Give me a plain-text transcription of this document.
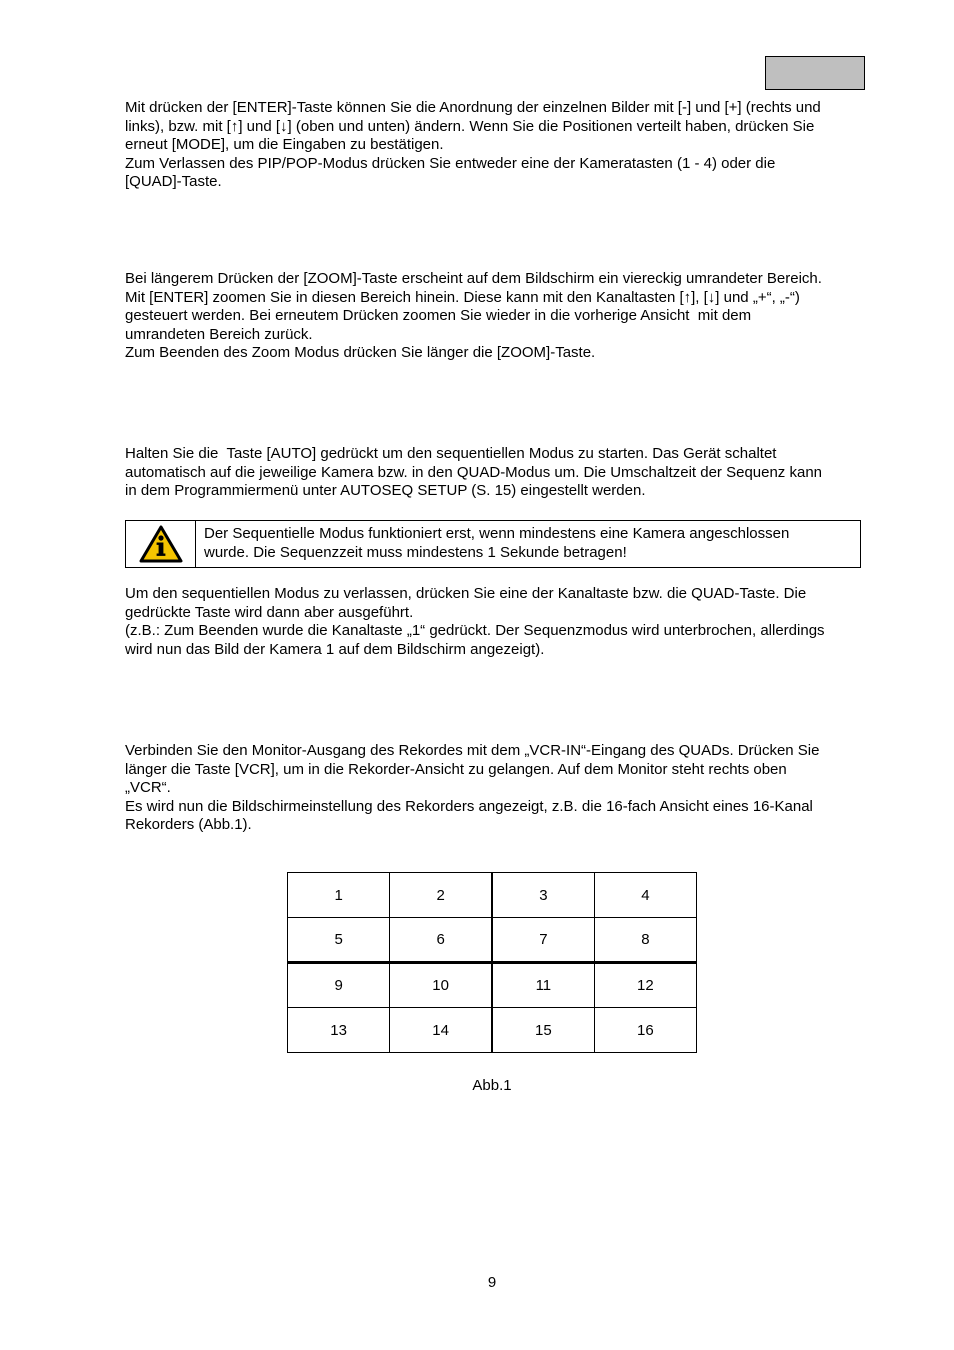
Mit drücken der [ENTER]-Taste können Sie die Anordnung der einzelnen Bilder mit [-] und [+] (rechts und
links), bzw. mit [↑] und [↓] (oben und unten) ändern. Wenn Sie die Positionen verteilt haben, drücken Sie
erneut [MODE], um die Eingaben zu bestätigen.
Zum Verlassen des PIP/POP-Modus drücken Sie entweder eine der Kameratasten (1 - 4) oder die
[QUAD]-Taste.

Bei längerem Drücken der [ZOOM]-Taste erscheint auf dem Bildschirm ein viereckig umrandeter Bereich.
Mit [ENTER] zoomen Sie in diesen Bereich hinein. Diese kann mit den Kanaltasten [↑], [↓] und „+“, „-“)
gesteuert werden. Bei erneutem Drücken zoomen Sie wieder in die vorherige Ansicht  mit dem
umrandeten Bereich zurück.
Zum Beenden des Zoom Modus drücken Sie länger die [ZOOM]-Taste.

Halten Sie die  Taste [AUTO] gedrückt um den sequentiellen Modus zu starten. Das Gerät schaltet
automatisch auf die jeweilige Kamera bzw. in den QUAD-Modus um. Die Umschaltzeit der Sequenz kann
in dem Programmiermenü unter AUTOSEQ SETUP (S. 15) eingestellt werden.

Der Sequentielle Modus funktioniert erst, wenn mindestens eine Kamera angeschlossen
wurde. Die Sequenzzeit muss mindestens 1 Sekunde betragen!

Um den sequentiellen Modus zu verlassen, drücken Sie eine der Kanaltaste bzw. die QUAD-Taste. Die
gedrückte Taste wird dann aber ausgeführt.
(z.B.: Zum Beenden wurde die Kanaltaste „1“ gedrückt. Der Sequenzmodus wird unterbrochen, allerdings
wird nun das Bild der Kamera 1 auf dem Bildschirm angezeigt).

Verbinden Sie den Monitor-Ausgang des Rekordes mit dem „VCR-IN“-Eingang des QUADs. Drücken Sie
länger die Taste [VCR], um in die Rekorder-Ansicht zu gelangen. Auf dem Monitor steht rechts oben
„VCR“.
Es wird nun die Bildschirmeinstellung des Rekorders angezeigt, z.B. die 16-fach Ansicht eines 16-Kanal
Rekorders (Abb.1).

1	2	3	4
5	6	7	8
9	10	11	12
13	14	15	16
Abb.1
9
